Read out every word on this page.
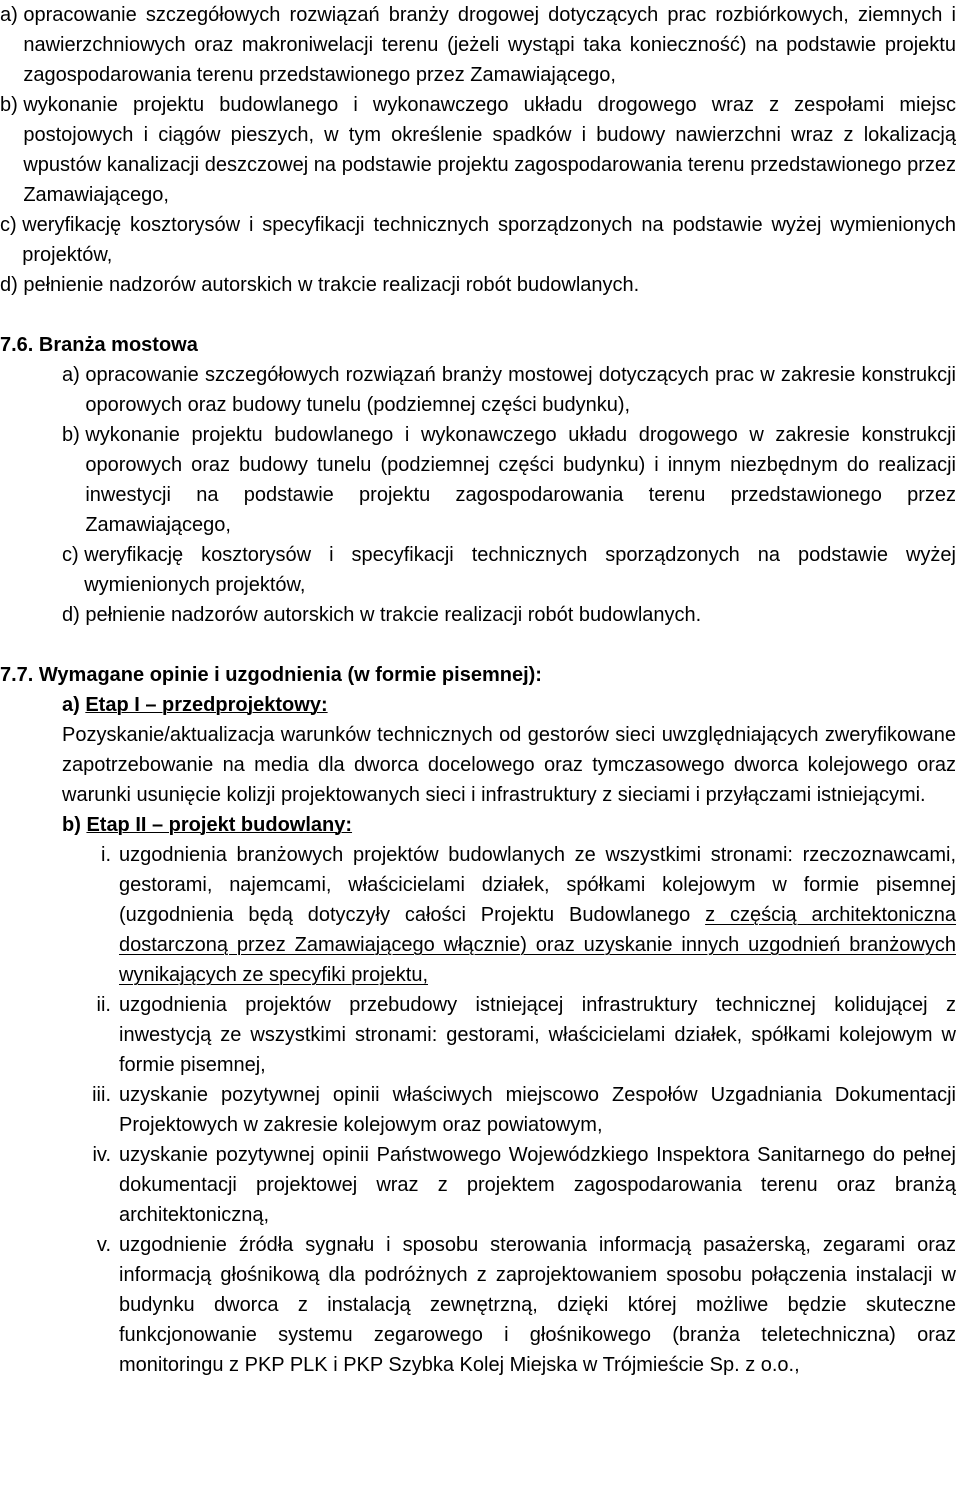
a) opracowanie szczegółowych rozwiązań branży drogowej dotyczących prac rozbiórkowych, ziemnych i nawierzchniowych oraz makroniwelacji terenu (jeżeli wystąpi taka konieczność) na podstawie projektu zagospodarowania terenu przedstawionego przez Zamawiającego,
b) wykonanie projektu budowlanego i wykonawczego układu drogowego wraz z zespołami miejsc postojowych i ciągów pieszych, w tym określenie spadków i budowy nawierzchni wraz z lokalizacją wpustów kanalizacji deszczowej na podstawie projektu zagospodarowania terenu przedstawionego przez Zamawiającego,
c) weryfikację kosztorysów i specyfikacji technicznych sporządzonych na podstawie wyżej wymienionych projektów,
d) pełnienie nadzorów autorskich w trakcie realizacji robót budowlanych.
7.6. Branża mostowa
a) opracowanie szczegółowych rozwiązań branży mostowej dotyczących prac w zakresie konstrukcji oporowych oraz budowy tunelu (podziemnej części budynku),
b) wykonanie projektu budowlanego i wykonawczego układu drogowego w zakresie konstrukcji oporowych oraz budowy tunelu (podziemnej części budynku) i innym niezbędnym do realizacji inwestycji na podstawie projektu zagospodarowania terenu przedstawionego przez Zamawiającego,
c) weryfikację kosztorysów i specyfikacji technicznych sporządzonych na podstawie wyżej wymienionych projektów,
d) pełnienie nadzorów autorskich w trakcie realizacji robót budowlanych.
7.7. Wymagane opinie i uzgodnienia (w formie pisemnej):
a) Etap I – przedprojektowy:
Pozyskanie/aktualizacja warunków technicznych od gestorów sieci uwzględniających zweryfikowane zapotrzebowanie na media dla dworca docelowego oraz tymczasowego dworca kolejowego oraz warunki usunięcie kolizji projektowanych sieci i infrastruktury z sieciami i przyłączami istniejącymi.
b) Etap II – projekt budowlany:
i. uzgodnienia branżowych projektów budowlanych ze wszystkimi stronami: rzeczoznawcami, gestorami, najemcami, właścicielami działek, spółkami kolejowym w formie pisemnej (uzgodnienia będą dotyczyły całości Projektu Budowlanego z częścią architektoniczna dostarczoną przez Zamawiającego włącznie) oraz uzyskanie innych uzgodnień branżowych wynikających ze specyfiki projektu,
ii. uzgodnienia projektów przebudowy istniejącej infrastruktury technicznej kolidującej z inwestycją ze wszystkimi stronami: gestorami, właścicielami działek, spółkami kolejowym w formie pisemnej,
iii. uzyskanie pozytywnej opinii właściwych miejscowo Zespołów Uzgadniania Dokumentacji Projektowych w zakresie kolejowym oraz powiatowym,
iv. uzyskanie pozytywnej opinii Państwowego Wojewódzkiego Inspektora Sanitarnego do pełnej dokumentacji projektowej wraz z projektem zagospodarowania terenu oraz branżą architektoniczną,
v. uzgodnienie źródła sygnału i sposobu sterowania informacją pasażerską, zegarami oraz informacją głośnikową dla podróżnych z zaprojektowaniem sposobu połączenia instalacji w budynku dworca z instalacją zewnętrzną, dzięki której możliwe będzie skuteczne funkcjonowanie systemu zegarowego i głośnikowego (branża teletechniczna) oraz monitoringu z PKP PLK i PKP Szybka Kolej Miejska w Trójmieście Sp. z o.o.,
